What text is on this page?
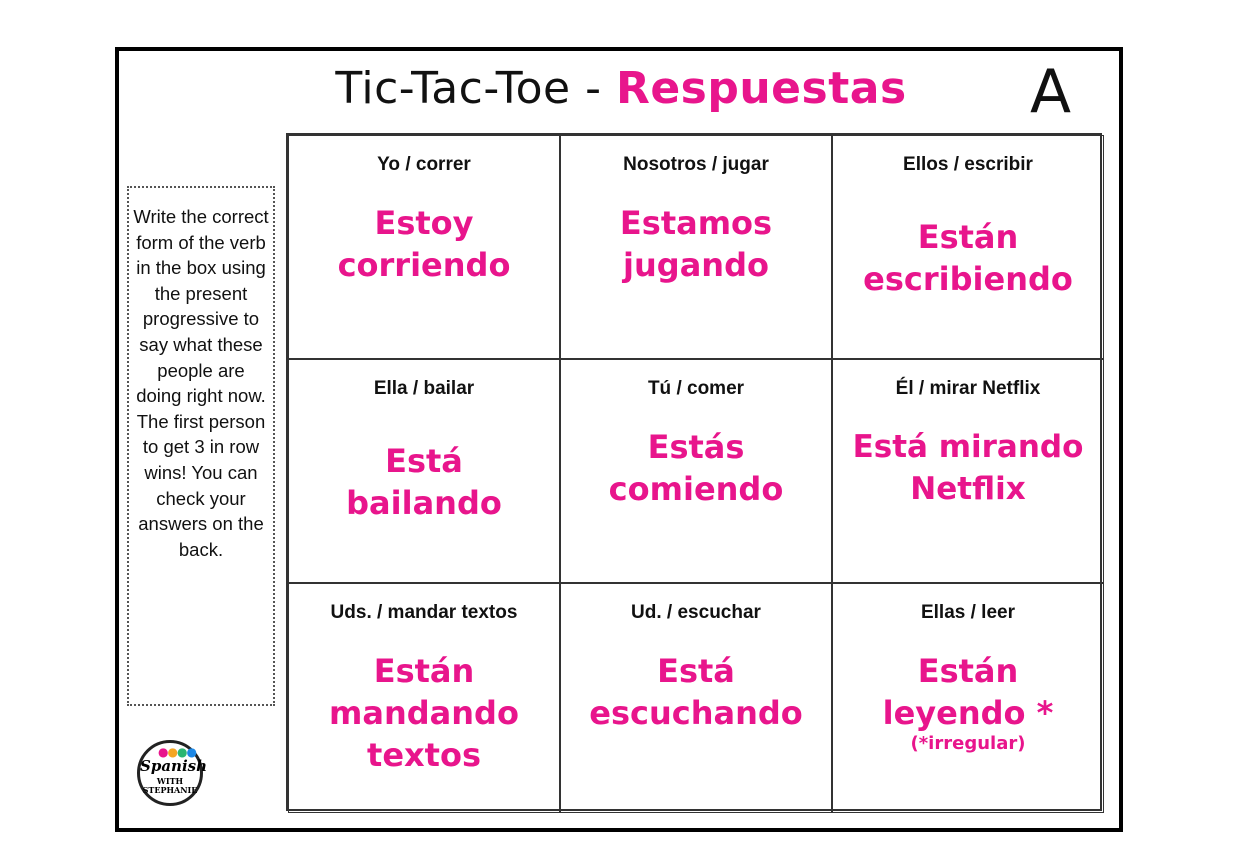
Tic-Tac-Toe - Respuestas	A
Write the correct form of the verb in the box using the present progressive to say what these people are doing right now. The first person to get 3 in row wins! You can check your answers on the back.
Yo / correr
Estoy
corriendo
Nosotros / jugar
Estamos
jugando
Ellos / escribir
Están
escribiendo
Ella / bailar
Está
bailando
Tú / comer
Estás
comiendo
Él / mirar Netflix
Está mirando
Netflix
Uds. / mandar textos
Están
mandando
textos
Ud. / escuchar
Está
escuchando
Ellas / leer
Están
leyendo *
(*irregular)
●●●●
Spanish
WITH
STEPHANIE
